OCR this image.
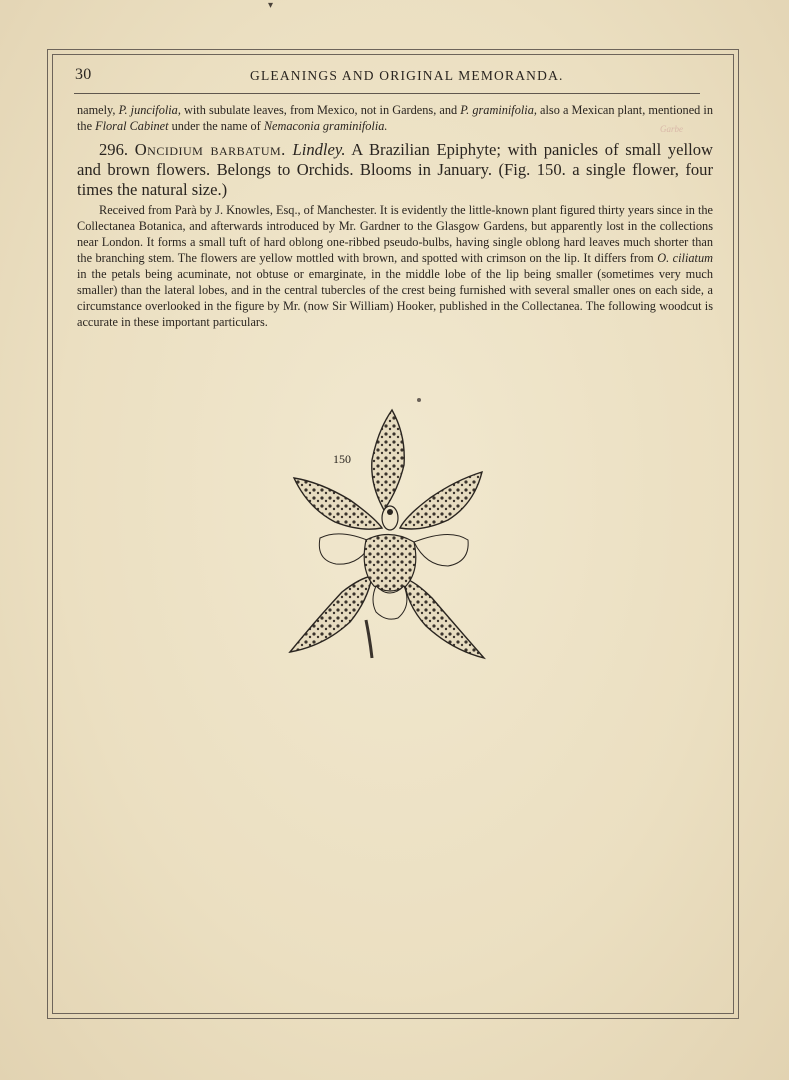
▾
30	GLEANINGS AND ORIGINAL MEMORANDA.

namely, P. juncifolia, with subulate leaves, from Mexico, not in Gardens, and P. graminifolia, also a Mexican plant, mentioned in the Floral Cabinet under the name of Nemaconia graminifolia.	Garbe

296. Oncidium barbatum. Lindley. A Brazilian Epiphyte; with panicles of small yellow and brown flowers. Belongs to Orchids. Blooms in January. (Fig. 150. a single flower, four times the natural size.)

Received from Parà by J. Knowles, Esq., of Manchester. It is evidently the little-known plant figured thirty years since in the Collectanea Botanica, and afterwards introduced by Mr. Gardner to the Glasgow Gardens, but apparently lost in the collections near London. It forms a small tuft of hard oblong one-ribbed pseudo-bulbs, having single oblong hard leaves much shorter than the branching stem. The flowers are yellow mottled with brown, and spotted with crimson on the lip. It differs from O. ciliatum in the petals being acuminate, not obtuse or emarginate, in the middle lobe of the lip being smaller (sometimes very much smaller) than the lateral lobes, and in the central tubercles of the crest being furnished with several smaller ones on each side, a circumstance overlooked in the figure by Mr. (now Sir William) Hooker, published in the Collectanea. The following woodcut is accurate in these important particulars.

150
